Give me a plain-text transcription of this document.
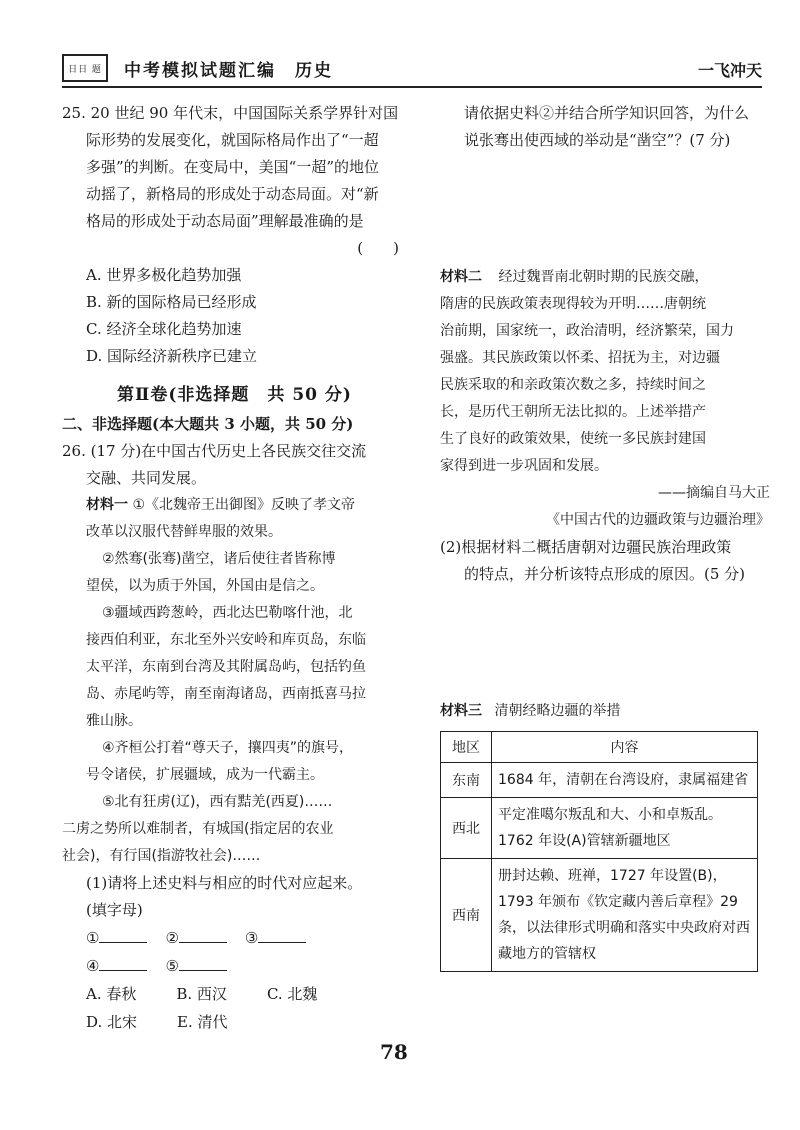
日日 题	中考模拟试题汇编　历史	一飞冲天
25. 20 世纪 90 年代末，中国国际关系学界针对国
际形势的发展变化，就国际格局作出了“一超
多强”的判断。在变局中，美国“一超”的地位
动摇了，新格局的形成处于动态局面。对“新
格局的形成处于动态局面”理解最准确的是
(　　)
A. 世界多极化趋势加强
B. 新的国际格局已经形成
C. 经济全球化趋势加速
D. 国际经济新秩序已建立
第Ⅱ卷(非选择题　共 50 分)
二、非选择题(本大题共 3 小题，共 50 分)
26. (17 分)在中国古代历史上各民族交往交流
交融、共同发展。
材料一 ①《北魏帝王出御图》反映了孝文帝
改革以汉服代替鲜卑服的效果。
②然骞(张骞)凿空，诸后使往者皆称博
望侯，以为质于外国，外国由是信之。
③疆域西跨葱岭，西北达巴勒喀什池，北
接西伯利亚，东北至外兴安岭和库页岛，东临
太平洋，东南到台湾及其附属岛屿，包括钓鱼
岛、赤尾屿等，南至南海诸岛，西南抵喜马拉
雅山脉。
④齐桓公打着“尊天子，攘四夷”的旗号，
号令诸侯，扩展疆域，成为一代霸主。
⑤北有狂虏(辽)，西有黠羌(西夏)……
二虏之势所以难制者，有城国(指定居的农业
社会)，有行国(指游牧社会)……
(1)请将上述史料与相应的时代对应起来。
(填字母)
①	②	③
④	⑤
A. 春秋	B. 西汉	C. 北魏
D. 北宋	E. 清代
请依据史料②并结合所学知识回答，为什么
说张骞出使西域的举动是“凿空”？(7 分)
材料二 经过魏晋南北朝时期的民族交融，
隋唐的民族政策表现得较为开明……唐朝统
治前期，国家统一，政治清明，经济繁荣，国力
强盛。其民族政策以怀柔、招抚为主，对边疆
民族采取的和亲政策次数之多，持续时间之
长，是历代王朝所无法比拟的。上述举措产
生了良好的政策效果，使统一多民族封建国
家得到进一步巩固和发展。
——摘编自马大正
《中国古代的边疆政策与边疆治理》
(2)根据材料二概括唐朝对边疆民族治理政策
的特点，并分析该特点形成的原因。(5 分)
材料三 清朝经略边疆的举措
地区	内容
东南	1684 年，清朝在台湾设府，隶属福建省
西北	平定准噶尔叛乱和大、小和卓叛乱。1762 年设(A)管辖新疆地区
西南	册封达赖、班禅，1727 年设置(B)，1793 年颁布《钦定藏内善后章程》29 条，以法律形式明确和落实中央政府对西藏地方的管辖权
78
